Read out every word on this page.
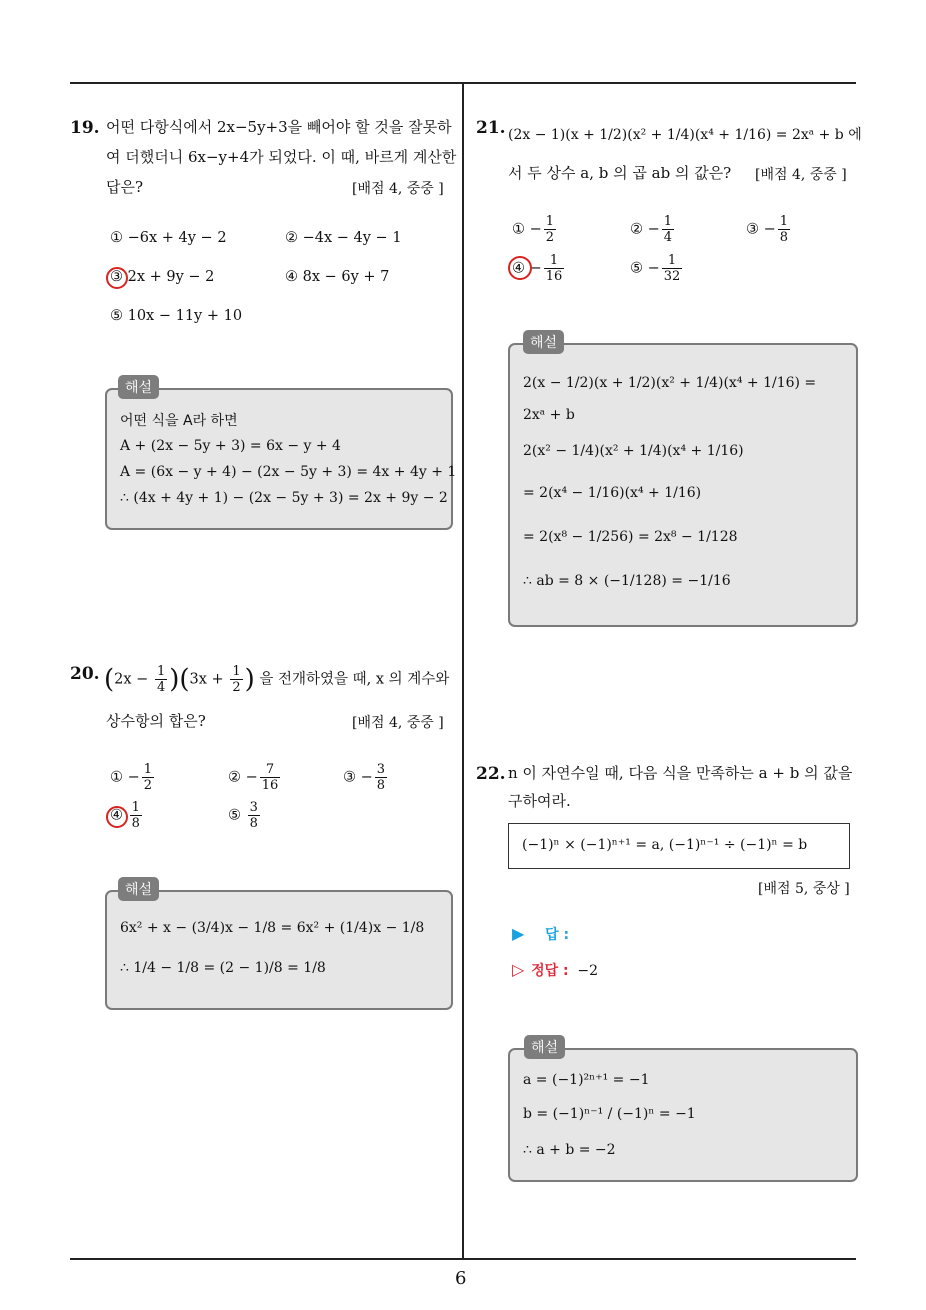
6
19. 어떤 다항식에서 2x−5y+3을 빼어야 할 것을 잘못하
여 더했더니 6x−y+4가 되었다. 이 때, 바르게 계산한
답은?	[배점 4, 중중 ]
① −6x + 4y − 2	② −4x − 4y − 1
③ 2x + 9y − 2	④ 8x − 6y + 7
⑤ 10x − 11y + 10
어떤 식을 A라 하면
A + (2x − 5y + 3) = 6x − y + 4
A = (6x − y + 4) − (2x − 5y + 3) = 4x + 4y + 1
∴ (4x + 4y + 1) − (2x − 5y + 3) = 2x + 9y − 2
해설
20. $(2x - \frac{1}{4} )(3x + \frac{1}{2}$ ) 을 전개하였을 때, x 의 계수와
상수항의 합은?	[배점 4, 중중 ]
① − $\frac{1}{2}$	② − $\frac{7}{16}$	③ − $\frac{3}{8}$
④ $\frac{1}{8}$	⑤ $\frac{3}{8}$
6x² + x − (3/4)x − 1/8 = 6x² + (1/4)x − 1/8
∴ 1/4 − 1/8 = (2 − 1)/8 = 1/8
해설
21. (2x − 1)(x + 1/2)(x² + 1/4)(x⁴ + 1/16) = 2xᵃ + b 에
서 두 상수 a, b 의 곱 ab 의 값은? [배점 4, 중중 ]
① − $\frac{1}{2}$	② − $\frac{1}{4}$	③ − $\frac{1}{8}$
④ − $\frac{1}{16}$	⑤ − $\frac{1}{32}$
2(x − 1/2)(x + 1/2)(x² + 1/4)(x⁴ + 1/16) =
2xᵃ + b
2(x² − 1/4)(x² + 1/4)(x⁴ + 1/16)
= 2(x⁴ − 1/16)(x⁴ + 1/16)
= 2(x⁸ − 1/256) = 2x⁸ − 1/128
∴ ab = 8 × (−1/128) = −1/16
해설
22. n 이 자연수일 때, 다음 식을 만족하는 a + b 의 값을
구하여라.
(−1)ⁿ × (−1)ⁿ⁺¹ = a, (−1)ⁿ⁻¹ ÷ (−1)ⁿ = b
[배점 5, 중상 ]
▶ 답 :
▷ 정답 : −2
a = (−1)²ⁿ⁺¹ = −1
b = (−1)ⁿ⁻¹ / (−1)ⁿ = −1
∴ a + b = −2
해설
